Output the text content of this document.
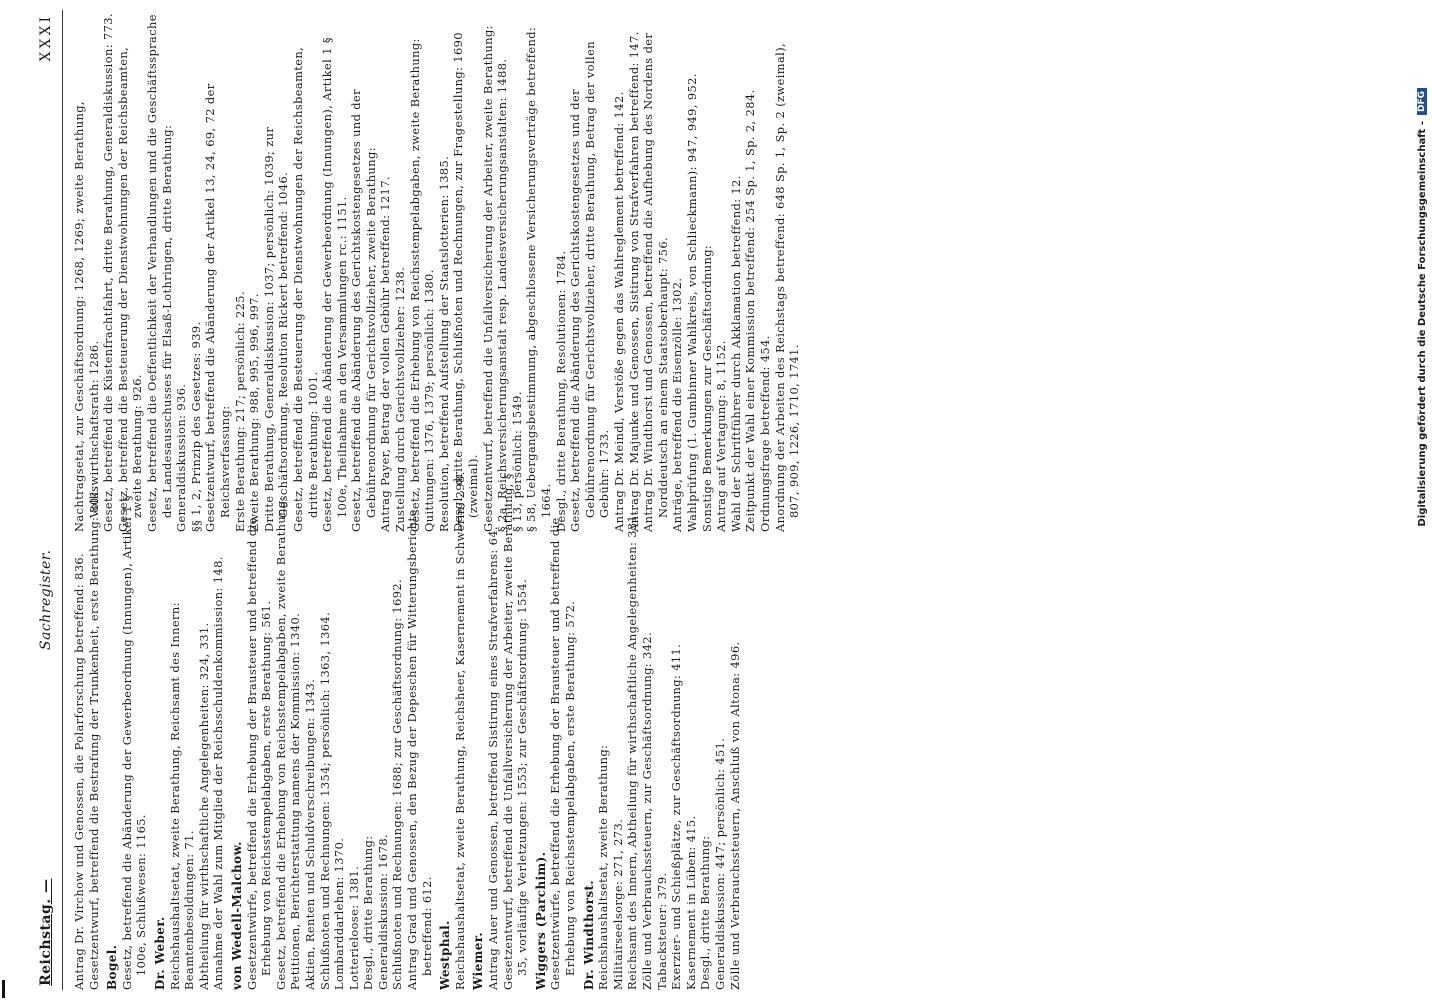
Reichstag. —
Sachregister.
XXXI
Antrag Dr. Virchow und Genossen, die Polarforschung betreffend: 836. Gesetzentwurf, betreffend die Bestrafung der Trunkenheit, erste Berathung: 801. Bogel. Gesetz, betreffend die Abänderung der Gewerbeordnung (Innungen), Artikel 1 § 100e, Schlußwesen: 1165. Dr. Weber. Reichshaushaltsetat, zweite Berathung, Reichsamt des Innern: Beamtenbesoldungen: 71. Abtheilung für wirthschaftliche Angelegenheiten: 324, 331. Annahme der Wahl zum Mitglied der Reichsschuldenkommission: 148. von Wedell-Malchow. Gesetzentwürfe, betreffend die Erhebung der Brausteuer und betreffend die Erhebung von Reichsstempelabgaben, erste Berathung: 561. Gesetz, betreffend die Erhebung von Reichsstempelabgaben, zweite Berathung: Petitionen, Berichterstattung namens der Kommission: 1340. Aktien, Renten und Schuldverschreibungen: 1343. Schlußnoten und Rechnungen: 1354; persönlich: 1363, 1364. Lombarddarlehen: 1370. Lotterieloose: 1381. Desgl., dritte Berathung: Generaldiskussion: 1678. Schlußnoten und Rechnungen: 1688; zur Geschäftsordnung: 1692. Antrag Grad und Genossen, den Bezug der Depeschen für Witterungsberichte betreffend: 612. Westphal. Reichshaushaltsetat, zweite Berathung, Reichsheer, Kasernement in Schwerin: 298. Wiemer. Antrag Auer und Genossen, betreffend Sistirung eines Strafverfahrens: 64. Gesetzentwurf, betreffend die Unfallversicherung der Arbeiter, zweite Berathung, § 35, vorläufige Verletzungen: 1553; zur Geschäftsordnung: 1554. Wiggers (Parchim). Gesetzentwürfe, betreffend die Erhebung der Brausteuer und betreffend die Erhebung von Reichsstempelabgaben, erste Berathung: 572. Dr. Windthorst. Reichshaushaltsetat, zweite Berathung: Militairseelsorge: 271, 273. Reichsamt des Innern, Abtheilung für wirthschaftliche Angelegenheiten: 331. Zölle und Verbrauchssteuern, zur Geschäftsordnung: 342. Tabacksteuer: 379. Exerzier- und Schießplätze, zur Geschäftsordnung: 411. Kasernement in Lüben: 415. Desgl., dritte Berathung: Generaldiskussion: 447; persönlich: 451. Zölle und Verbrauchssteuern, Anschluß von Altona: 496.
Nachtragsetat, zur Geschäftsordnung: 1268, 1269; zweite Berathung, Volkswirthschaftsrath: 1286. Gesetz, betreffend die Küstenfrachtfahrt, dritte Berathung, Generaldiskussion: 773. Gesetz, betreffend die Besteuerung der Dienstwohnungen der Reichsbeamten, zweite Berathung: 926. Gesetz, betreffend die Oeffentlichkeit der Verhandlungen und die Geschäftssprache des Landesausschusses für Elsaß-Lothringen, dritte Berathung: Generaldiskussion: 936. §§ 1, 2, Prinzip des Gesetzes: 939. Gesetzentwurf, betreffend die Abänderung der Artikel 13, 24, 69, 72 der Reichsverfassung: Erste Berathung: 217; persönlich: 225. Zweite Berathung: 988, 995, 996, 997. Dritte Berathung, Generaldiskussion: 1037; persönlich: 1039; zur Geschäftsordnung, Resolution Rickert betreffend: 1046. Gesetz, betreffend die Besteuerung der Dienstwohnungen der Reichsbeamten, dritte Berathung: 1001. Gesetz, betreffend die Abänderung der Gewerbeordnung (Innungen), Artikel 1 § 100e, Theilnahme an den Versammlungen rc.: 1151. Gesetz, betreffend die Abänderung des Gerichtskostengesetzes und der Gebührenordnung für Gerichtsvollzieher, zweite Berathung: Antrag Payer, Betrag der vollen Gebühr betreffend: 1217. Zustellung durch Gerichtsvollzieher: 1238. Gesetz, betreffend die Erhebung von Reichsstempelabgaben, zweite Berathung: Quittungen: 1376, 1379; persönlich: 1380. Resolution, betreffend Aufstellung der Staatslotterien: 1385. Desgl., dritte Berathung, Schlußnoten und Rechnungen, zur Fragestellung: 1690 (zweimal). Gesetzentwurf, betreffend die Unfallversicherung der Arbeiter, zweite Berathung: § 2a, Reichsversicherungsanstalt resp. Landesversicherungsanstalten: 1488. § 13, persönlich: 1549. § 58, Uebergangsbestimmung, abgeschlossene Versicherungsverträge betreffend: 1664. Desgl., dritte Berathung, Resolutionen: 1784. Gesetz, betreffend die Abänderung des Gerichtskostengesetzes und der Gebührenordnung für Gerichtsvollzieher, dritte Berathung, Betrag der vollen Gebühr: 1733. Antrag Dr. Meindl, Verstöße gegen das Wahlreglement betreffend: 142. Antrag Dr. Majunke und Genossen, Sistirung von Strafverfahren betreffend: 147. Antrag Dr. Windthorst und Genossen, betreffend die Aufhebung des Nordens der Norddeutsch an einem Staatsoberhaupt: 756. Anträge, betreffend die Eisenzölle: 1302. Wahlprüfung (1. Gumbinner Wahlkreis, von Schlieckmann): 947, 949, 952. Sonstige Bemerkungen zur Geschäftsordnung: Antrag auf Vertagung: 8, 1152. Wahl der Schriftführer durch Akklamation betreffend: 12. Zeitpunkt der Wahl einer Kommission betreffend: 254 Sp. 1, Sp. 2, 284. Ordnungsfrage betreffend: 454. Anordnung der Arbeiten des Reichstags betreffend: 648 Sp. 1, Sp. 2 (zweimal), 807, 909, 1226, 1710, 1741.	Digitalisierung gefördert durch die Deutsche Forschungsgemeinschaft -
DFG
